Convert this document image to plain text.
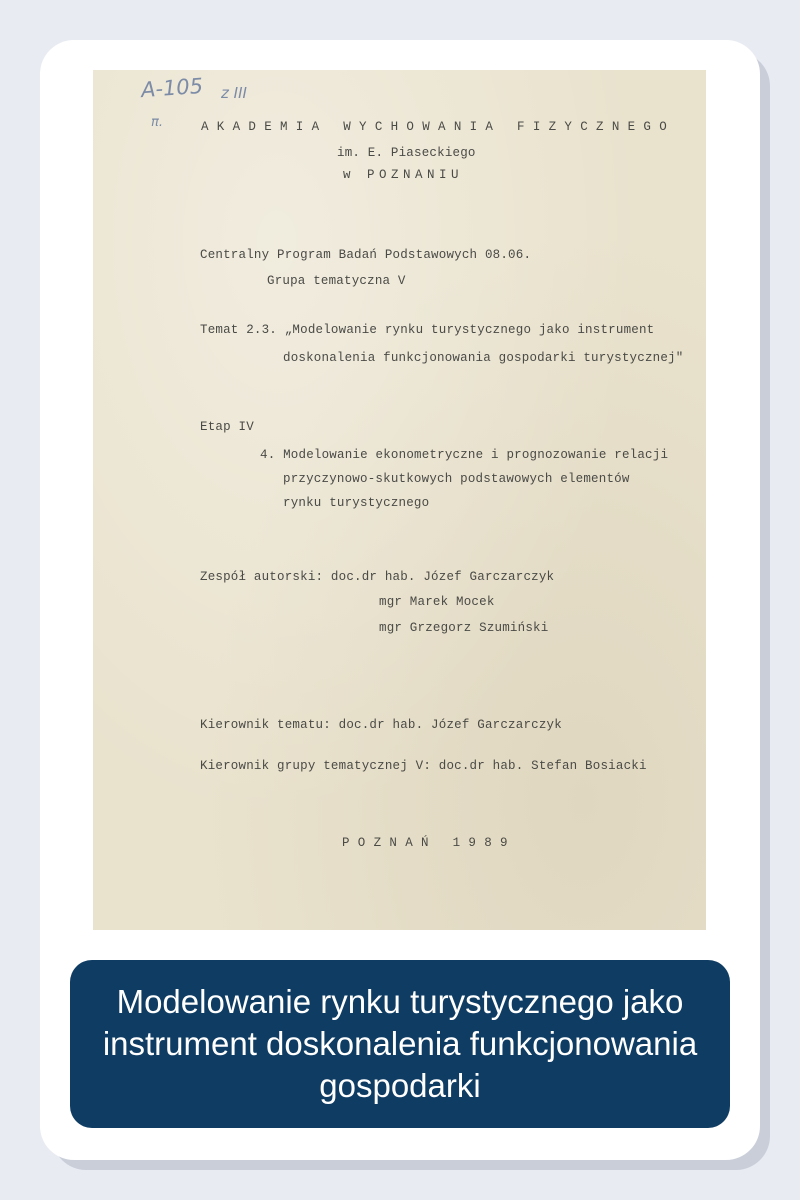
A-105 z III
π.	AKADEMIA WYCHOWANIA FIZYCZNEGO
im. E. Piaseckiego
w POZNANIU
Centralny Program Badań Podstawowych 08.06.
Grupa tematyczna V
Temat 2.3. „Modelowanie rynku turystycznego jako instrument
doskonalenia funkcjonowania gospodarki turystycznej"
Etap IV
4. Modelowanie ekonometryczne i prognozowanie relacji
przyczynowo-skutkowych podstawowych elementów
rynku turystycznego
Zespół autorski: doc.dr hab. Józef Garczarczyk
mgr Marek Mocek
mgr Grzegorz Szumiński
Kierownik tematu: doc.dr hab. Józef Garczarczyk
Kierownik grupy tematycznej V: doc.dr hab. Stefan Bosiacki
POZNAŃ 1989
Modelowanie rynku turystycznego jako instrument doskonalenia funkcjonowania gospodarki
